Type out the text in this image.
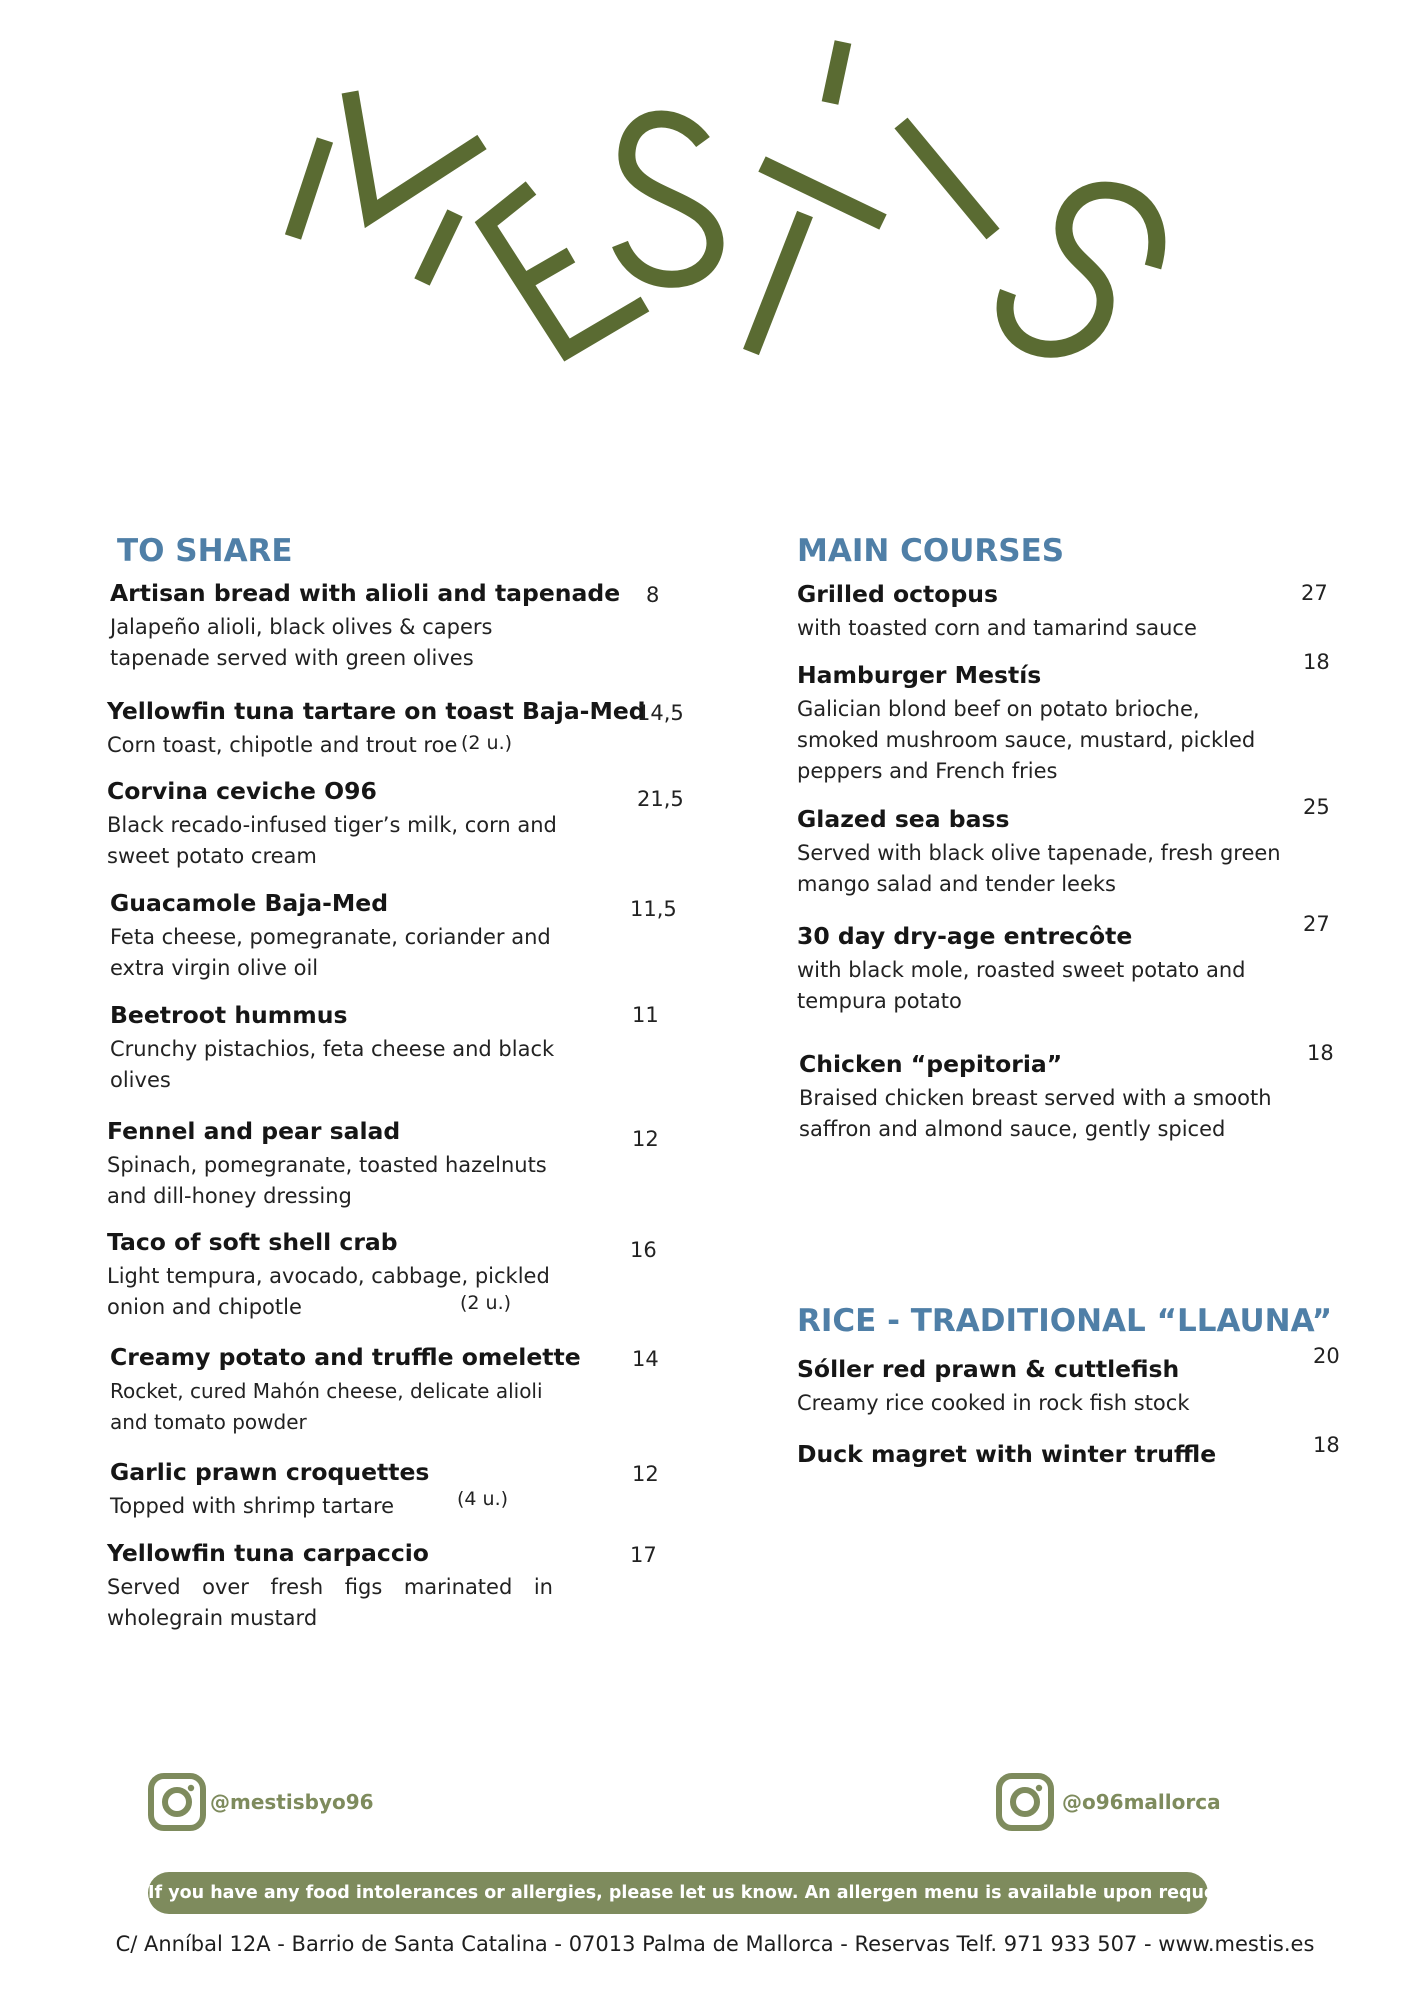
TO SHARE
Artisan bread with alioli and tapenade
Jalapeño alioli, black olives & capers tapenade served with green olives
8
Yellowfin tuna tartare on toast Baja-Med
Corn toast, chipotle and trout roe (2 u.)
14,5
Corvina ceviche O96
Black recado-infused tiger’s milk, corn and sweet potato cream
21,5
Guacamole Baja-Med
Feta cheese, pomegranate, coriander and extra virgin olive oil
11,5
Beetroot hummus
Crunchy pistachios, feta cheese and black olives
11
Fennel and pear salad
Spinach, pomegranate, toasted hazelnuts and dill-honey dressing
12
Taco of soft shell crab
Light tempura, avocado, cabbage, pickled onion and chipotle	(2 u.)
16
Creamy potato and truffle omelette
Rocket, cured Mahón cheese, delicate alioli and tomato powder
14
Garlic prawn croquettes
Topped with shrimp tartare	(4 u.)
12
Yellowfin tuna carpaccio
Served over fresh figs marinated in wholegrain mustard
17
MAIN COURSES
Grilled octopus
with toasted corn and tamarind sauce
27
Hamburger Mestís
Galician blond beef on potato brioche, smoked mushroom sauce, mustard, pickled peppers and French fries
18
Glazed sea bass
Served with black olive tapenade, fresh green mango salad and tender leeks
25
30 day dry-age entrecôte
with black mole, roasted sweet potato and tempura potato
27
Chicken “pepitoria”
Braised chicken breast served with a smooth saffron and almond sauce, gently spiced
18
RICE - TRADITIONAL “LLAUNA”
Sóller red prawn & cuttlefish
Creamy rice cooked in rock fish stock
20
Duck magret with winter truffle	18
@mestisbyo96	@o96mallorca
If you have any food intolerances or allergies, please let us know. An allergen menu is available upon request.
C/ Anníbal 12A - Barrio de Santa Catalina - 07013 Palma de Mallorca - Reservas Telf. 971 933 507 - www.mestis.es
